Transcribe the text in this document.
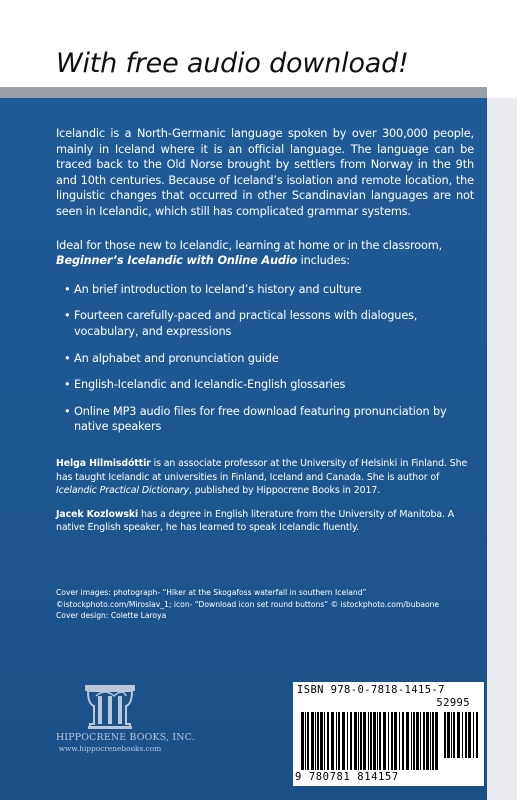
With free audio download!

Icelandic is a North-Germanic language spoken by over 300,000 people, mainly in Iceland where it is an official language. The language can be traced back to the Old Norse brought by settlers from Norway in the 9th and 10th centuries. Because of Iceland’s isolation and remote location, the linguistic changes that occurred in other Scandinavian languages are not seen in Icelandic, which still has complicated grammar systems.

Ideal for those new to Icelandic, learning at home or in the classroom, Beginner’s Icelandic with Online Audio includes:

• An brief introduction to Iceland’s history and culture
• Fourteen carefully-paced and practical lessons with dialogues, vocabulary, and expressions
• An alphabet and pronunciation guide
• English-Icelandic and Icelandic-English glossaries
• Online MP3 audio files for free download featuring pronunciation by native speakers

Helga Hilmisdóttir is an associate professor at the University of Helsinki in Finland. She has taught Icelandic at universities in Finland, Iceland and Canada. She is author of Icelandic Practical Dictionary, published by Hippocrene Books in 2017.

Jacek Kozlowski has a degree in English literature from the University of Manitoba. A native English speaker, he has learned to speak Icelandic fluently.

Cover images: photograph- “Hiker at the Skogafoss waterfall in southern Iceland”
©istockphoto.com/Miroslav_1; icon- “Download icon set round buttons” © istockphoto.com/bubaone
Cover design: Colette Laroya
HIPPOCRENE BOOKS, INC.
www.hippocrenebooks.com
ISBN 978-0-7818-1415-7
52995
9 780781 814157
